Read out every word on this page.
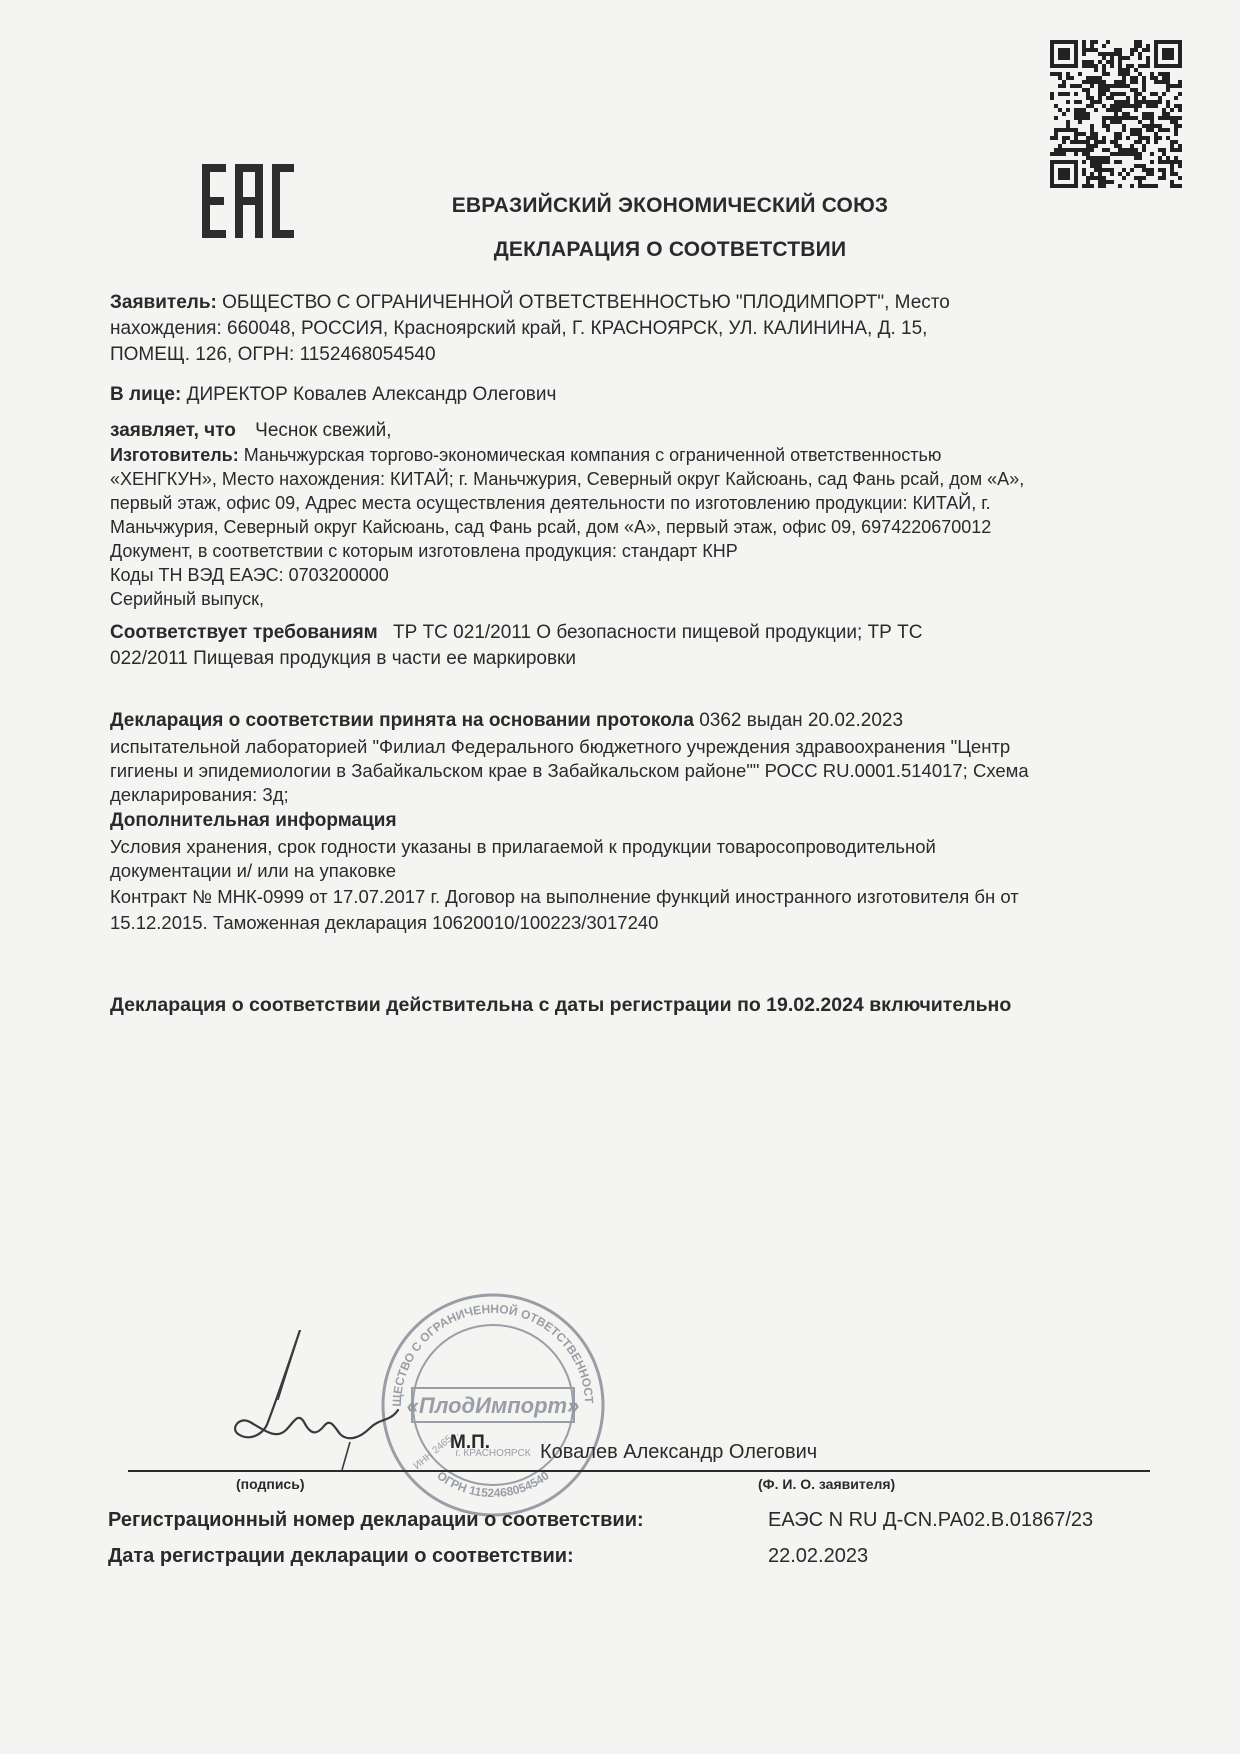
ЕВРАЗИЙСКИЙ ЭКОНОМИЧЕСКИЙ СОЮЗ
ДЕКЛАРАЦИЯ О СООТВЕТСТВИИ
Заявитель: ОБЩЕСТВО С ОГРАНИЧЕННОЙ ОТВЕТСТВЕННОСТЬЮ "ПЛОДИМПОРТ", Место
нахождения: 660048, РОССИЯ, Красноярский край, Г. КРАСНОЯРСК, УЛ. КАЛИНИНА, Д. 15,
ПОМЕЩ. 126, ОГРН: 1152468054540
В лице: ДИРЕКТОР Ковалев Александр Олегович
заявляет, что Чеснок свежий,
Изготовитель: Маньчжурская торгово-экономическая компания с ограниченной ответственностью
«ХЕНГКУН», Место нахождения: КИТАЙ; г. Маньчжурия, Северный округ Кайсюань, сад Фань рсай, дом «А»,
первый этаж, офис 09, Адрес места осуществления деятельности по изготовлению продукции: КИТАЙ, г.
Маньчжурия, Северный округ Кайсюань, сад Фань рсай, дом «А», первый этаж, офис 09, 6974220670012
Документ, в соответствии с которым изготовлена продукция: стандарт КНР
Коды ТН ВЭД ЕАЭС: 0703200000
Серийный выпуск,
Соответствует требованиям ТР ТС 021/2011 О безопасности пищевой продукции; ТР ТС
022/2011 Пищевая продукция в части ее маркировки
Декларация о соответствии принята на основании протокола 0362 выдан 20.02.2023
испытательной лабораторией "Филиал Федерального бюджетного учреждения здравоохранения "Центр
гигиены и эпидемиологии в Забайкальском крае в Забайкальском районе"" РОСС RU.0001.514017; Схема
декларирования: 3д;
Дополнительная информация
Условия хранения, срок годности указаны в прилагаемой к продукции товаросопроводительной
документации и/ или на упаковке
Контракт № МНК-0999 от 17.07.2017 г. Договор на выполнение функций иностранного изготовителя бн от
15.12.2015. Таможенная декларация 10620010/100223/3017240
Декларация о соответствии действительна с даты регистрации по 19.02.2024 включительно
ЩЕСТВО С ОГРАНИЧЕННОЙ ОТВЕТСТВЕННОСТ
ОГРН 1152468054540
«ПлодИмпорт»
г. КРАСНОЯРСК
ИНН 2465...
М.П. Ковалев Александр Олегович
(подпись)	(Ф. И. О. заявителя)
Регистрационный номер декларации о соответствии:	ЕАЭС N RU Д-CN.РА02.В.01867/23
Дата регистрации декларации о соответствии:	22.02.2023
